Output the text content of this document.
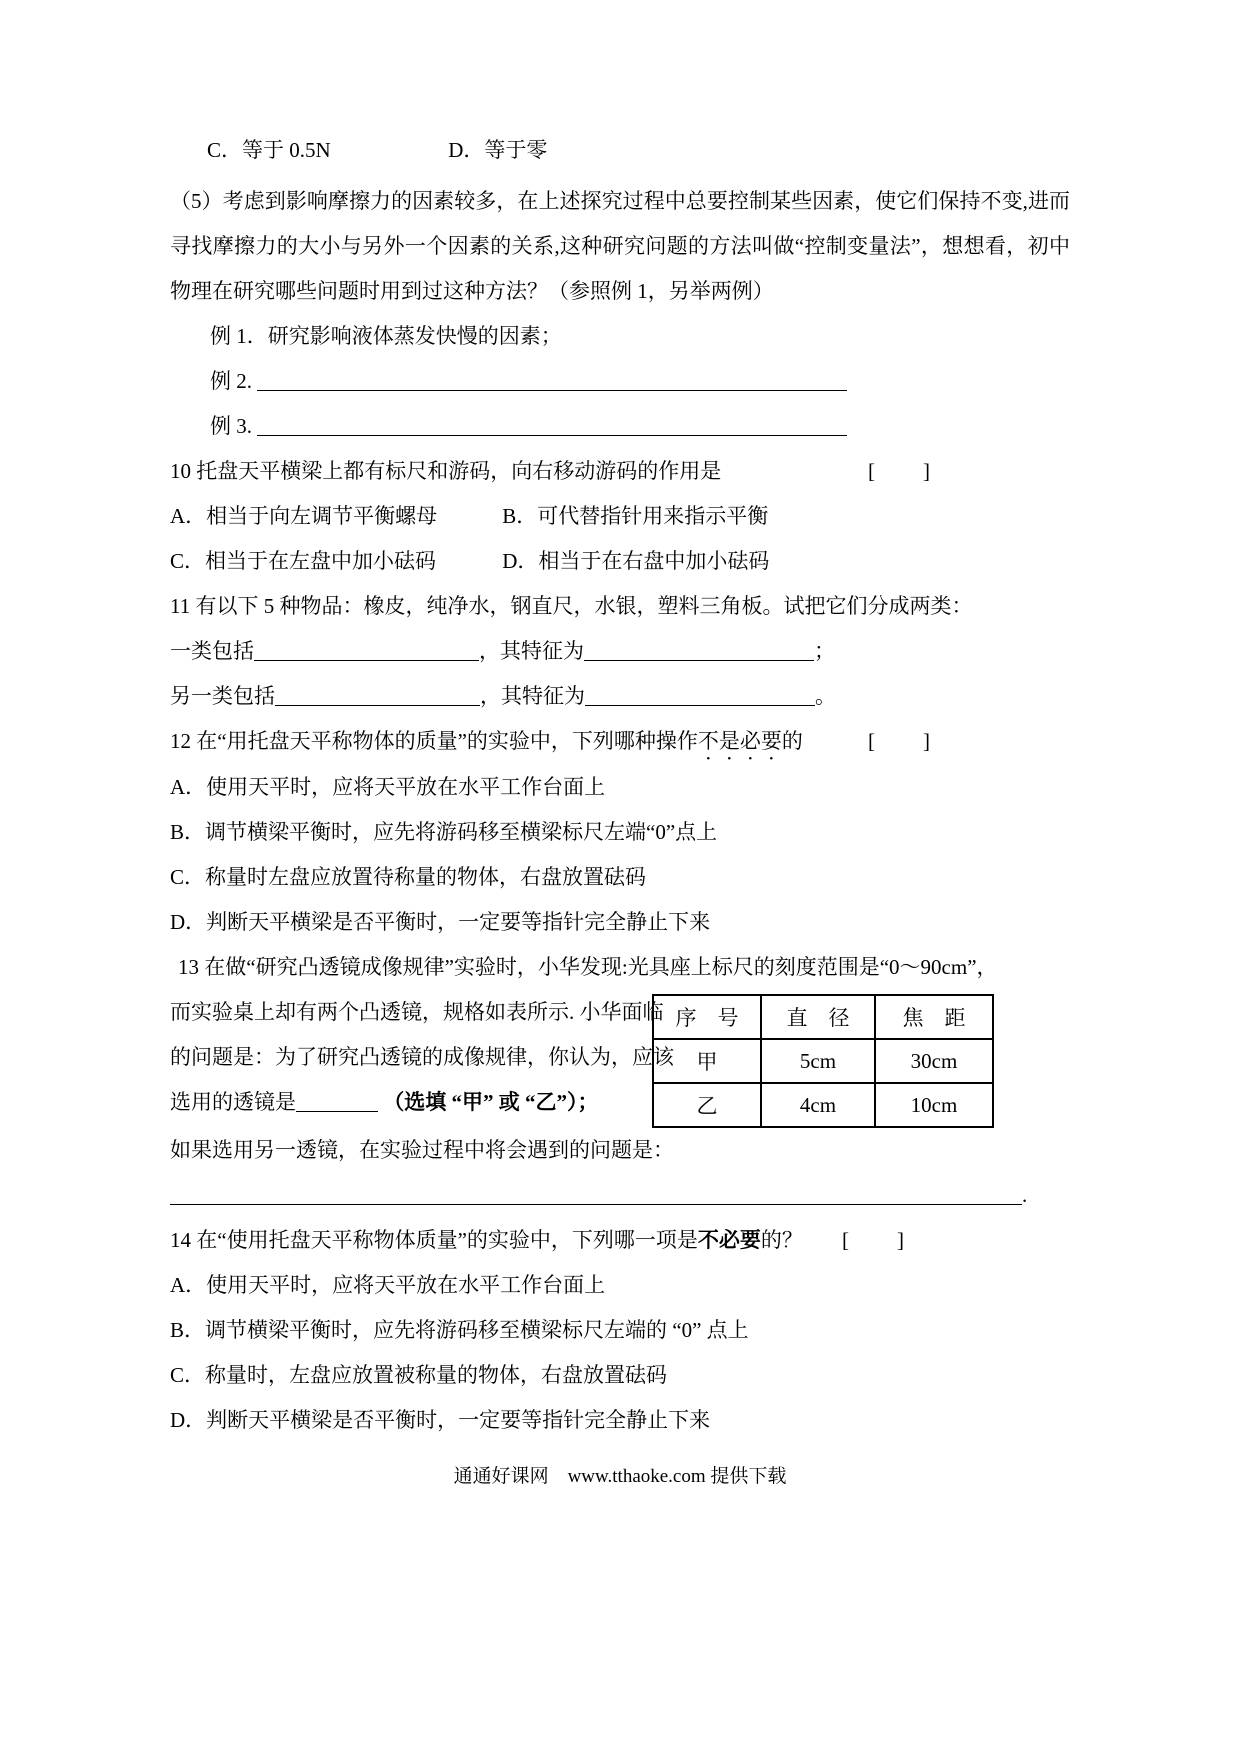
C．等于 0.5N	D．等于零

（5）考虑到影响摩擦力的因素较多，在上述探究过程中总要控制某些因素，使它们保持不变,进而寻找摩擦力的大小与另外一个因素的关系,这种研究问题的方法叫做“控制变量法”，想想看，初中物理在研究哪些问题时用到过这种方法？（参照例 1，另举两例）

例 1．研究影响液体蒸发快慢的因素；
例 2.
例 3.
10 托盘天平横梁上都有标尺和游码，向右移动游码的作用是	[　　]
A．相当于向左调节平衡螺母	B．可代替指针用来指示平衡
C．相当于在左盘中加小砝码	D．相当于在右盘中加小砝码
11 有以下 5 种物品：橡皮，纯净水，钢直尺，水银，塑料三角板。试把它们分成两类：
一类包括	，其特征为	；
另一类包括	，其特征为	。
12 在“用托盘天平称物体的质量”的实验中，下列哪种操作不是必要的	[　　]
A．使用天平时，应将天平放在水平工作台面上
B．调节横梁平衡时，应先将游码移至横梁标尺左端“0”点上
C．称量时左盘应放置待称量的物体，右盘放置砝码
D．判断天平横梁是否平衡时，一定要等指针完全静止下来
13 在做“研究凸透镜成像规律”实验时，小华发现:光具座上标尺的刻度范围是“0～90cm”，
序　号	直　径	焦　距
甲	5cm	30cm
乙	4cm	10cm
而实验桌上却有两个凸透镜，规格如表所示. 小华面临
的问题是：为了研究凸透镜的成像规律，你认为，应该
选用的透镜是	（选填 “甲” 或 “乙”）；
如果选用另一透镜，在实验过程中将会遇到的问题是：
.
14 在“使用托盘天平称物体质量”的实验中，下列哪一项是不必要的？ [　　]
A．使用天平时，应将天平放在水平工作台面上
B．调节横梁平衡时，应先将游码移至横梁标尺左端的 “0” 点上
C．称量时，左盘应放置被称量的物体，右盘放置砝码
D．判断天平横梁是否平衡时，一定要等指针完全静止下来
通通好课网　www.tthaoke.com 提供下载
